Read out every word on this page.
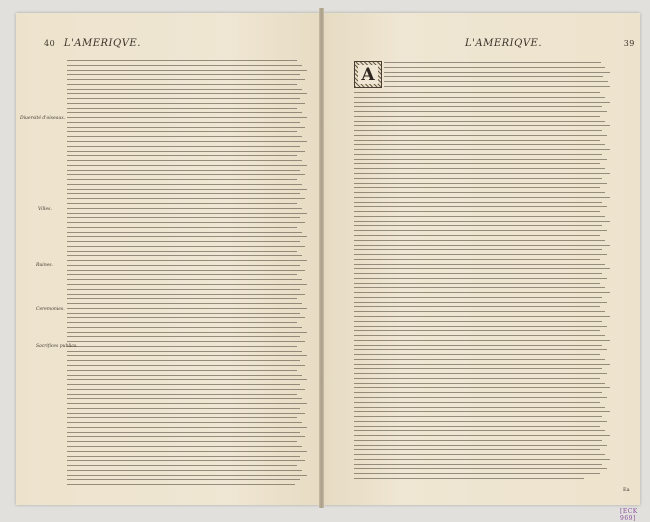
40 L'AMERIQVE.	L'AMERIQVE.	39
Diuersité d'oiseaux.
Villes.
Ruines.
Ceremonies.
Sacrifices publics.
A
Ea
[ECK 969]
